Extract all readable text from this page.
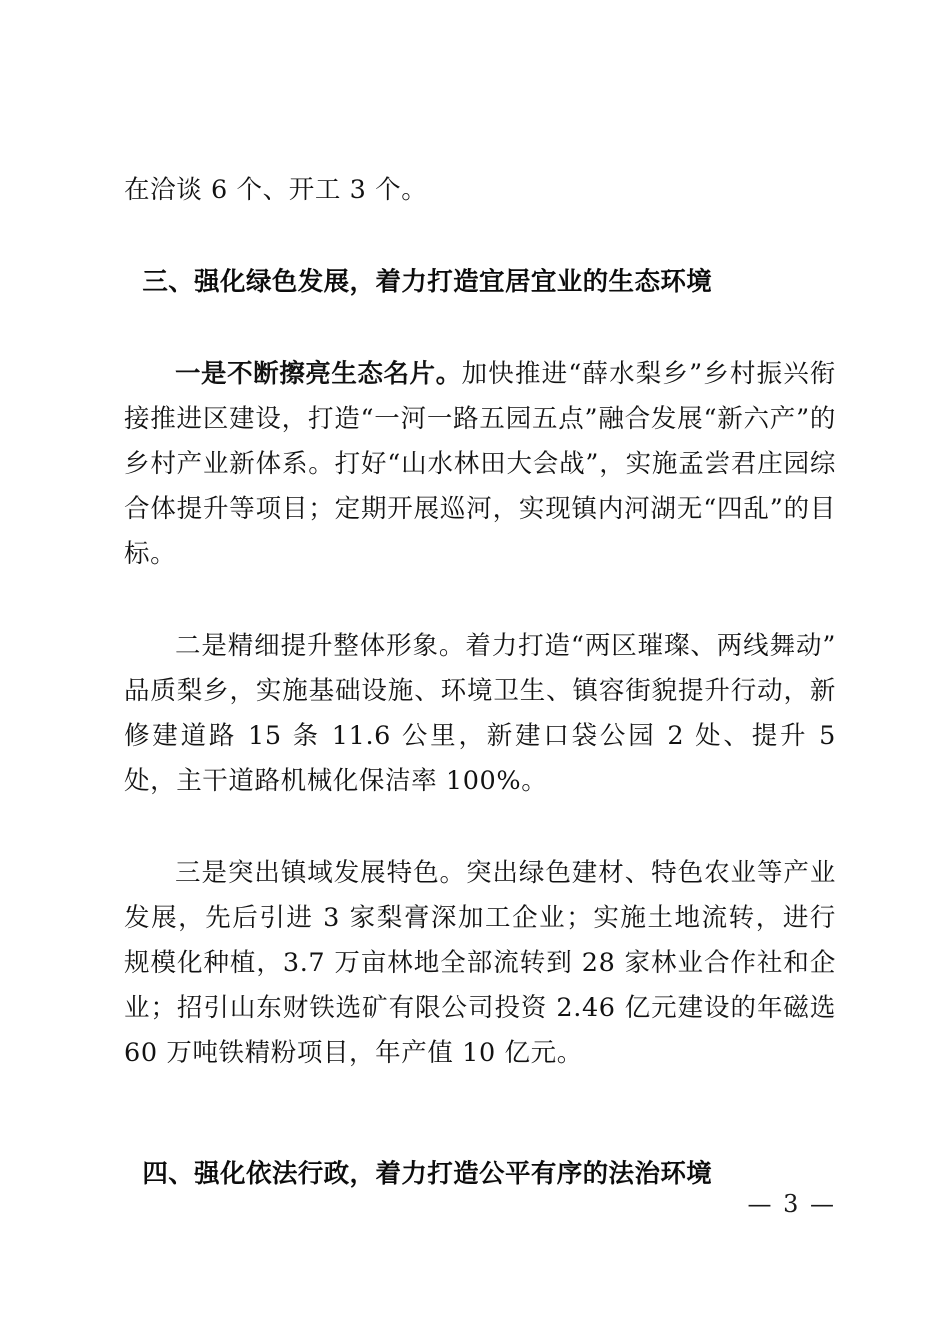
在洽谈 6 个、开工 3 个。

三、强化绿色发展，着力打造宜居宜业的生态环境

一是不断擦亮生态名片。加快推进“薛水梨乡”乡村振兴衔接推进区建设，打造“一河一路五园五点”融合发展“新六产”的乡村产业新体系。打好“山水林田大会战”，实施孟尝君庄园综合体提升等项目；定期开展巡河，实现镇内河湖无“四乱”的目标。

二是精细提升整体形象。着力打造“两区璀璨、两线舞动”品质梨乡，实施基础设施、环境卫生、镇容街貌提升行动，新修建道路 15 条 11.6 公里，新建口袋公园 2 处、提升 5 处，主干道路机械化保洁率 100%。

三是突出镇域发展特色。突出绿色建材、特色农业等产业发展，先后引进 3 家梨膏深加工企业；实施土地流转，进行规模化种植，3.7 万亩林地全部流转到 28 家林业合作社和企业；招引山东财铁选矿有限公司投资 2.46 亿元建设的年磁选 60 万吨铁精粉项目，年产值 10 亿元。

四、强化依法行政，着力打造公平有序的法治环境
— 3 —
